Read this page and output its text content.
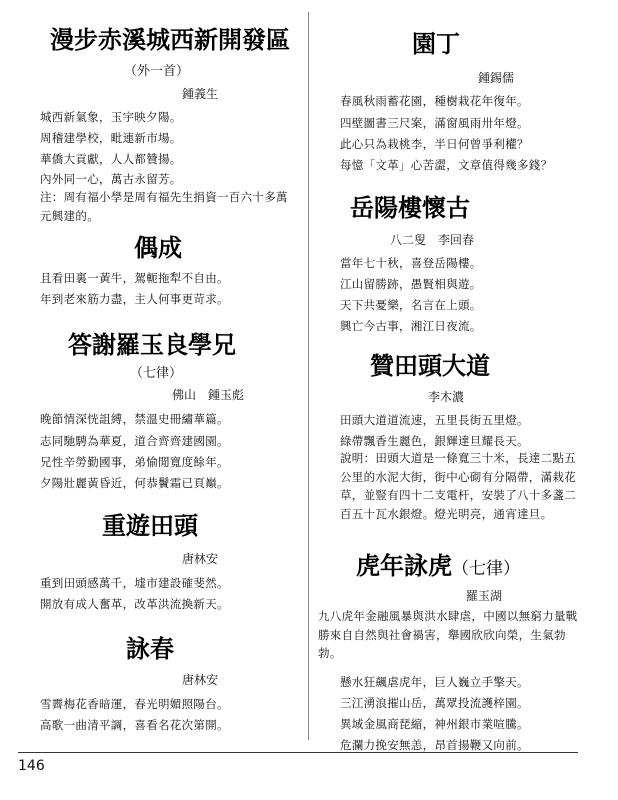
漫步赤溪城西新開發區
（外一首）
鍾義生
城西新氣象，玉宇映夕陽。
周稽建學校，毗連新市場。
華僑大貢獻，人人都贊揚。
內外同一心，萬古永留芳。
注：周有福小學是周有福先生捐資一百六十多萬元興建的。
偶成
且看田裏一黃牛，駕軛拖犁不自由。
年到老來筋力盡，主人何事更苛求。
答謝羅玉良學兄
（七律）
佛山　鍾玉彪
晚節情深恍詛縛，禁溫史冊繡華篇。
志同馳騁為華夏，道合齊齊建國園。
兄性辛勞勤國事，弟愉閒寬度餘年。
夕陽壯麗黃昏近，何恭鬢霜已頁巔。
重遊田頭
唐林安
重到田頭感萬千，墟市建設確斐然。
開放有成人奮革，改革洪流換新天。
詠春
唐林安
雪霽梅花香暗運，春光明媚照陽台。
高歌一曲清平調，喜看名花次第開。
園丁
鍾錫儒
春風秋雨蓄花園，種樹栽花年復年。
四壁圖書三尺案，滿窗風雨卅年燈。
此心只為栽桃李，半日何曾爭利權？
每憶「文革」心苦澀，文章值得幾多錢？
岳陽樓懷古
八二叟　李回春
當年七十秋，喜登岳陽樓。
江山留勝跡，愚賢相與遊。
天下共憂樂，名言在上頭。
興亡今古事，湘江日夜流。
贊田頭大道
李木濃
田頭大道道流速，五里長街五里燈。
綠帶飄香生麗色，銀輝達旦耀長天。
說明：田頭大道是一條寬三十米，長達二點五公里的水泥大街，街中心砌有分隔帶，滿栽花草，並豎有四十二支電杆，安裝了八十多盞二百五十瓦水銀燈。燈光明亮，通宵達旦。
虎年詠虎（七律）
羅玉湖
九八虎年金融風暴與洪水肆虐，中國以無窮力量戰勝來自自然與社會禍害，舉國欣欣向榮，生氣勃勃。
懸水狂飆虐虎年，巨人巍立手擎天。
三江湧浪摧山岳，萬眾投流護梓園。
異域金風商琵縮，神州銀市業喧騰。
危瀾力挽安無恙，昂首揚鞭又向前。
146
